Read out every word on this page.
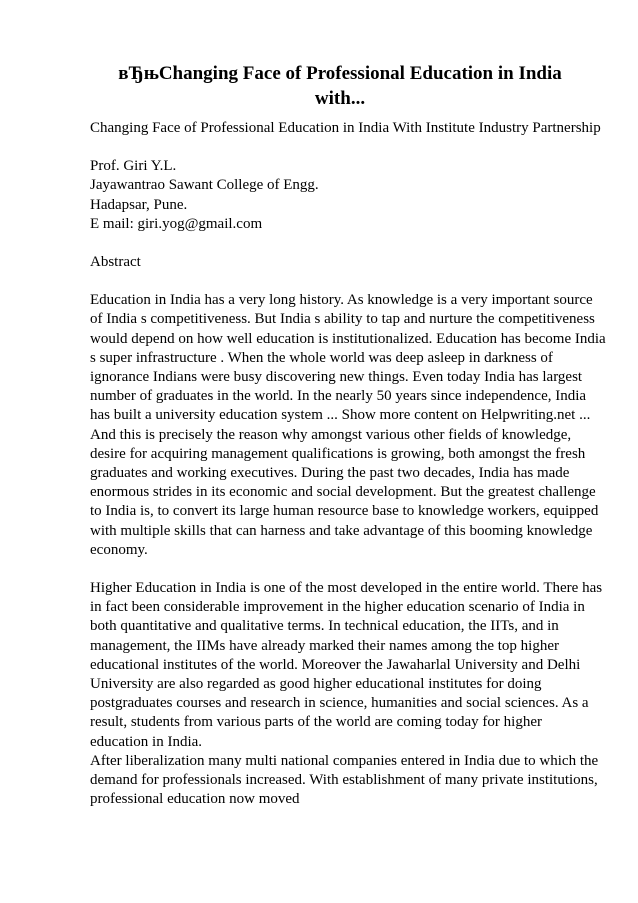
вЂњChanging Face of Professional Education in India
with...

Changing Face of Professional Education in India With Institute Industry Partnership

Prof. Giri Y.L.
Jayawantrao Sawant College of Engg.
Hadapsar, Pune.
E mail: giri.yog@gmail.com

Abstract

Education in India has a very long history. As knowledge is a very important source
of India s competitiveness. But India s ability to tap and nurture the competitiveness
would depend on how well education is institutionalized. Education has become India
s super infrastructure . When the whole world was deep asleep in darkness of
ignorance Indians were busy discovering new things. Even today India has largest
number of graduates in the world. In the nearly 50 years since independence, India
has built a university education system ... Show more content on Helpwriting.net ...
And this is precisely the reason why amongst various other fields of knowledge,
desire for acquiring management qualifications is growing, both amongst the fresh
graduates and working executives. During the past two decades, India has made
enormous strides in its economic and social development. But the greatest challenge
to India is, to convert its large human resource base to knowledge workers, equipped
with multiple skills that can harness and take advantage of this booming knowledge
economy.

Higher Education in India is one of the most developed in the entire world. There has
in fact been considerable improvement in the higher education scenario of India in
both quantitative and qualitative terms. In technical education, the IITs, and in
management, the IIMs have already marked their names among the top higher
educational institutes of the world. Moreover the Jawaharlal University and Delhi
University are also regarded as good higher educational institutes for doing
postgraduates courses and research in science, humanities and social sciences. As a
result, students from various parts of the world are coming today for higher
education in India.

After liberalization many multi national companies entered in India due to which the
demand for professionals increased. With establishment of many private institutions,
professional education now moved
